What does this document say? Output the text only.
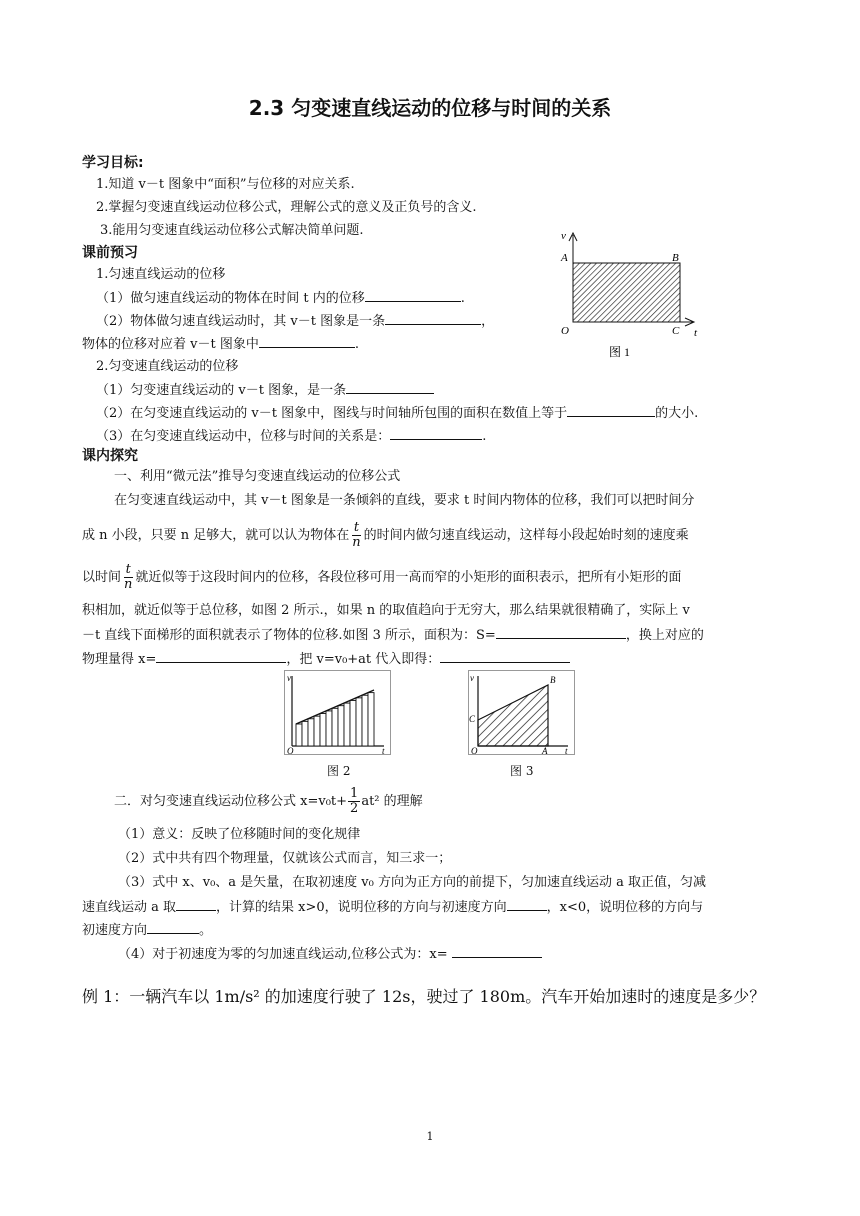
2.3 匀变速直线运动的位移与时间的关系
学习目标:
1.知道 v－t 图象中“面积”与位移的对应关系.
2.掌握匀变速直线运动位移公式，理解公式的意义及正负号的含义.
3.能用匀变速直线运动位移公式解决简单问题.
课前预习
1.匀速直线运动的位移
（1）做匀速直线运动的物体在时间 t 内的位移	.
（2）物体做匀速直线运动时，其 v－t 图象是一条	，
物体的位移对应着 v－t 图象中	.
2.匀变速直线运动的位移
（1）匀变速直线运动的 v－t 图象，是一条
（2）在匀变速直线运动的 v－t 图象中，图线与时间轴所包围的面积在数值上等于	的大小.
（3）在匀变速直线运动中，位移与时间的关系是：	.
v
A	B
O	C t
图 1
课内探究
一、利用“微元法”推导匀变速直线运动的位移公式
在匀变速直线运动中，其 v－t 图象是一条倾斜的直线，要求 t 时间内物体的位移，我们可以把时间分
成 n 小段，只要 n 足够大，就可以认为物体在 $\frac{t}{n}$ 的时间内做匀速直线运动，这样每小段起始时刻的速度乘
以时间 $\frac{t}{n}$ 就近似等于这段时间内的位移，各段位移可用一高而窄的小矩形的面积表示，把所有小矩形的面
积相加，就近似等于总位移，如图 2 所示.，如果 n 的取值趋向于无穷大，那么结果就很精确了，实际上 v
－t 直线下面梯形的面积就表示了物体的位移.如图 3 所示，面积为：S=	，换上对应的
物理量得 x=	，把 v=v₀+at 代入即得：
v
O	t
图 2
v	B
C
O	A t
图 3
二．对匀变速直线运动位移公式 $x=v_0t+ \frac{1}{2} at^2$ 的理解
（1）意义：反映了位移随时间的变化规律
（2）式中共有四个物理量，仅就该公式而言，知三求一；
（3）式中 x、v₀、a 是矢量，在取初速度 v₀ 方向为正方向的前提下，匀加速直线运动 a 取正值，匀减
速直线运动 a 取	，计算的结果 x>0，说明位移的方向与初速度方向	，x<0，说明位移的方向与
初速度方向	。
（4）对于初速度为零的匀加速直线运动,位移公式为：x=
例 1：一辆汽车以 1m/s² 的加速度行驶了 12s，驶过了 180m。汽车开始加速时的速度是多少？
1
